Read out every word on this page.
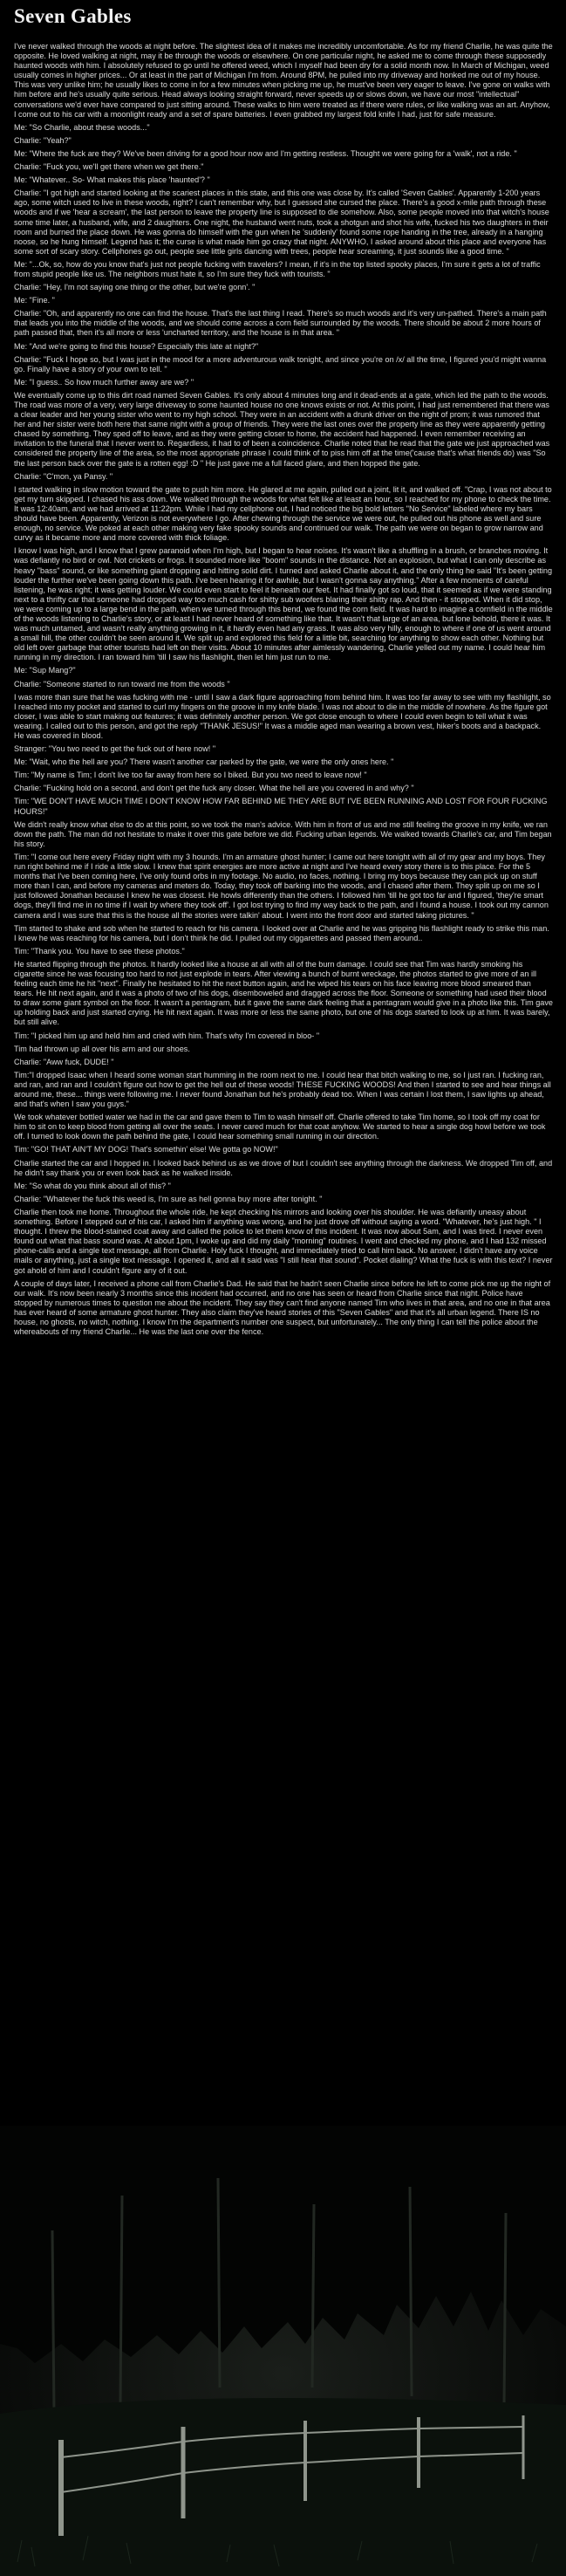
Seven Gables

I've never walked through the woods at night before. The slightest idea of it makes me incredibly uncomfortable. As for my friend Charlie, he was quite the opposite. He loved walking at night, may it be through the woods or elsewhere. On one particular night, he asked me to come through these supposedly haunted woods with him. I absolutely refused to go until he offered weed, which I myself had been dry for a solid month now. In March of Michigan, weed usually comes in higher prices... Or at least in the part of Michigan I'm from. Around 8PM, he pulled into my driveway and honked me out of my house. This was very unlike him; he usually likes to come in for a few minutes when picking me up, he must've been very eager to leave. I've gone on walks with him before and he's usually quite serious. Head always looking straight forward, never speeds up or slows down, we have our most "intellectual" conversations we'd ever have compared to just sitting around. These walks to him were treated as if there were rules, or like walking was an art. Anyhow, I come out to his car with a moonlight ready and a set of spare batteries. I even grabbed my largest fold knife I had, just for safe measure.

Me: "So Charlie, about these woods..."

Charlie: "Yeah?"

Me: "Where the fuck are they? We've been driving for a good hour now and I'm getting restless. Thought we were going for a 'walk', not a ride. "

Charlie: "Fuck you, we'll get there when we get there."

Me: "Whatever.. So- What makes this place 'haunted'? "

Charlie: "I got high and started looking at the scariest places in this state, and this one was close by. It's called 'Seven Gables'. Apparently 1-200 years ago, some witch used to live in these woods, right? I can't remember why, but I guessed she cursed the place. There's a good x-mile path through these woods and if we 'hear a scream', the last person to leave the property line is supposed to die somehow. Also, some people moved into that witch's house some time later, a husband, wife, and 2 daughters. One night, the husband went nuts, took a shotgun and shot his wife, fucked his two daughters in their room and burned the place down. He was gonna do himself with the gun when he 'suddenly' found some rope handing in the tree, already in a hanging noose, so he hung himself. Legend has it; the curse is what made him go crazy that night. ANYWHO, I asked around about this place and everyone has some sort of scary story. Cellphones go out, people see little girls dancing with trees, people hear screaming, it just sounds like a good time. "

Me: "...Ok, so, how do you know that's just not people fucking with travelers? I mean, if it's in the top listed spooky places, I'm sure it gets a lot of traffic from stupid people like us. The neighbors must hate it, so I'm sure they fuck with tourists. "

Charlie: "Hey, I'm not saying one thing or the other, but we're gonn'. "

Me: "Fine. "

Charlie: "Oh, and apparently no one can find the house. That's the last thing I read. There's so much woods and it's very un-pathed. There's a main path that leads you into the middle of the woods, and we should come across a corn field surrounded by the woods. There should be about 2 more hours of path passed that, then it's all more or less 'uncharted territory, and the house is in that area. "

Me: "And we're going to find this house? Especially this late at night?"

Charlie: "Fuck I hope so, but I was just in the mood for a more adventurous walk tonight, and since you're on /x/ all the time, I figured you'd might wanna go. Finally have a story of your own to tell. "

Me: "I guess.. So how much further away are we? "

We eventually come up to this dirt road named Seven Gables. It's only about 4 minutes long and it dead-ends at a gate, which led the path to the woods. The road was more of a very, very large driveway to some haunted house no one knows exists or not. At this point, I had just remembered that there was a clear leader and her young sister who went to my high school. They were in an accident with a drunk driver on the night of prom; it was rumored that her and her sister were both here that same night with a group of friends. They were the last ones over the property line as they were apparently getting chased by something. They sped off to leave, and as they were getting closer to home, the accident had happened. I even remember receiving an invitation to the funeral that I never went to. Regardless, it had to of been a coincidence. Charlie noted that he read that the gate we just approached was considered the property line of the area, so the most appropriate phrase I could think of to piss him off at the time('cause that's what friends do) was "So the last person back over the gate is a rotten egg! :D " He just gave me a full faced glare, and then hopped the gate.

Charlie: "C'mon, ya Pansy. "

I started walking in slow motion toward the gate to push him more. He glared at me again, pulled out a joint, lit it, and walked off. "Crap, I was not about to get my turn skipped. I chased his ass down. We walked through the woods for what felt like at least an hour, so I reached for my phone to check the time. It was 12:40am, and we had arrived at 11:22pm. While I had my cellphone out, I had noticed the big bold letters "No Service" labeled where my bars should have been. Apparently, Verizon is not everywhere I go. After chewing through the service we were out, he pulled out his phone as well and sure enough, no service. We poked at each other making very fake spooky sounds and continued our walk. The path we were on began to grow narrow and curvy as it became more and more covered with thick foliage.

I know I was high, and I know that I grew paranoid when I'm high, but I began to hear noises. It's wasn't like a shuffling in a brush, or branches moving. It was defiantly no bird or owl. Not crickets or frogs. It sounded more like "boom" sounds in the distance. Not an explosion, but what I can only describe as heavy "bass" sound, or like something giant dropping and hitting solid dirt. I turned and asked Charlie about it, and the only thing he said "It's been getting louder the further we've been going down this path. I've been hearing it for awhile, but I wasn't gonna say anything." After a few moments of careful listening, he was right; it was getting louder. We could even start to feel it beneath our feet. It had finally got so loud, that it seemed as if we were standing next to a thrifty car that someone had dropped way too much cash for shitty sub woofers blaring their shitty rap. And then - it stopped. When it did stop, we were coming up to a large bend in the path, when we turned through this bend, we found the corn field. It was hard to imagine a cornfield in the middle of the woods listening to Charlie's story, or at least I had never heard of something like that. It wasn't that large of an area, but lone behold, there it was. It was much untamed, and wasn't really anything growing in it, it hardly even had any grass. It was also very hilly, enough to where if one of us went around a small hill, the other couldn't be seen around it. We split up and explored this field for a little bit, searching for anything to show each other. Nothing but old left over garbage that other tourists had left on their visits. About 10 minutes after aimlessly wandering, Charlie yelled out my name. I could hear him running in my direction. I ran toward him 'till I saw his flashlight, then let him just run to me.

Me: "Sup Mang?"

Charlie: "Someone started to run toward me from the woods "

I was more than sure that he was fucking with me - until I saw a dark figure approaching from behind him. It was too far away to see with my flashlight, so I reached into my pocket and started to curl my fingers on the groove in my knife blade. I was not about to die in the middle of nowhere. As the figure got closer, I was able to start making out features; it was definitely another person. We got close enough to where I could even begin to tell what it was wearing. I called out to this person, and got the reply "THANK JESUS!" It was a middle aged man wearing a brown vest, hiker's boots and a backpack. He was covered in blood.

Stranger: "You two need to get the fuck out of here now! "

Me: "Wait, who the hell are you? There wasn't another car parked by the gate, we were the only ones here. "

Tim: "My name is Tim; I don't live too far away from here so I biked. But you two need to leave now! "

Charlie: "Fucking hold on a second, and don't get the fuck any closer. What the hell are you covered in and why? "

Tim: "WE DON'T HAVE MUCH TIME I DON'T KNOW HOW FAR BEHIND ME THEY ARE BUT I'VE BEEN RUNNING AND LOST FOR FOUR FUCKING HOURS!"

We didn't really know what else to do at this point, so we took the man's advice. With him in front of us and me still feeling the groove in my knife, we ran down the path. The man did not hesitate to make it over this gate before we did. Fucking urban legends. We walked towards Charlie's car, and Tim began his story.

Tim: "I come out here every Friday night with my 3 hounds. I'm an armature ghost hunter; I came out here tonight with all of my gear and my boys. They run right behind me if I ride a little slow. I knew that spirit energies are more active at night and I've heard every story there is to this place. For the 5 months that I've been coming here, I've only found orbs in my footage. No audio, no faces, nothing. I bring my boys because they can pick up on stuff more than I can, and before my cameras and meters do. Today, they took off barking into the woods, and I chased after them. They split up on me so I just followed Jonathan because I knew he was closest. He howls differently than the others. I followed him 'till he got too far and I figured, 'they're smart dogs, they'll find me in no time if I wait by where they took off'. I got lost trying to find my way back to the path, and I found a house. I took out my cannon camera and I was sure that this is the house all the stories were talkin' about. I went into the front door and started taking pictures. "

Tim started to shake and sob when he started to reach for his camera. I looked over at Charlie and he was gripping his flashlight ready to strike this man. I knew he was reaching for his camera, but I don't think he did. I pulled out my ciggarettes and passed them around..

Tim: "Thank you. You have to see these photos."

He started flipping through the photos. It hardly looked like a house at all with all of the burn damage. I could see that Tim was hardly smoking his cigarette since he was focusing too hard to not just explode in tears. After viewing a bunch of burnt wreckage, the photos started to give more of an ill feeling each time he hit "next". Finally he hesitated to hit the next button again, and he wiped his tears on his face leaving more blood smeared than tears. He hit next again, and it was a photo of two of his dogs, disemboweled and dragged across the floor. Someone or something had used their blood to draw some giant symbol on the floor. It wasn't a pentagram, but it gave the same dark feeling that a pentagram would give in a photo like this. Tim gave up holding back and just started crying. He hit next again. It was more or less the same photo, but one of his dogs started to look up at him. It was barely, but still alive.

Tim: "I picked him up and held him and cried with him. That's why I'm covered in bloo- "

Tim had thrown up all over his arm and our shoes.

Charlie: "Aww fuck, DUDE! "

Tim:"I dropped Isaac when I heard some woman start humming in the room next to me. I could hear that bitch walking to me, so I just ran. I fucking ran, and ran, and ran and I couldn't figure out how to get the hell out of these woods! THESE FUCKING WOODS! And then I started to see and hear things all around me, these... things were following me. I never found Jonathan but he's probably dead too. When I was certain I lost them, I saw lights up ahead, and that's when I saw you guys."

We took whatever bottled water we had in the car and gave them to Tim to wash himself off. Charlie offered to take Tim home, so I took off my coat for him to sit on to keep blood from getting all over the seats. I never cared much for that coat anyhow. We started to hear a single dog howl before we took off. I turned to look down the path behind the gate, I could hear something small running in our direction.

Tim: "GO! THAT AIN'T MY DOG! That's somethin' else! We gotta go NOW!"

Charlie started the car and I hopped in. I looked back behind us as we drove of but I couldn't see anything through the darkness. We dropped Tim off, and he didn't say thank you or even look back as he walked inside.

Me: "So what do you think about all of this? "

Charlie: "Whatever the fuck this weed is, I'm sure as hell gonna buy more after tonight. "

Charlie then took me home. Throughout the whole ride, he kept checking his mirrors and looking over his shoulder. He was defiantly uneasy about something. Before I stepped out of his car, I asked him if anything was wrong, and he just drove off without saying a word. "Whatever, he's just high. " I thought. I threw the blood-stained coat away and called the police to let them know of this incident. It was now about 5am, and I was tired. I never even found out what that bass sound was. At about 1pm, I woke up and did my daily "morning" routines. I went and checked my phone, and I had 132 missed phone-calls and a single text message, all from Charlie. Holy fuck I thought, and immediately tried to call him back. No answer. I didn't have any voice mails or anything, just a single text message. I opened it, and all it said was "I still hear that sound". Pocket dialing? What the fuck is with this text? I never got ahold of him and I couldn't figure any of it out.

A couple of days later, I received a phone call from Charlie's Dad. He said that he hadn't seen Charlie since before he left to come pick me up the night of our walk. It's now been nearly 3 months since this incident had occurred, and no one has seen or heard from Charlie since that night. Police have stopped by numerous times to question me about the incident. They say they can't find anyone named Tim who lives in that area, and no one in that area has ever heard of some armature ghost hunter. They also claim they've heard stories of this "Seven Gables" and that it's all urban legend. There IS no house, no ghosts, no witch, nothing. I know I'm the department's number one suspect, but unfortunately... The only thing I can tell the police about the whereabouts of my friend Charlie... He was the last one over the fence.
